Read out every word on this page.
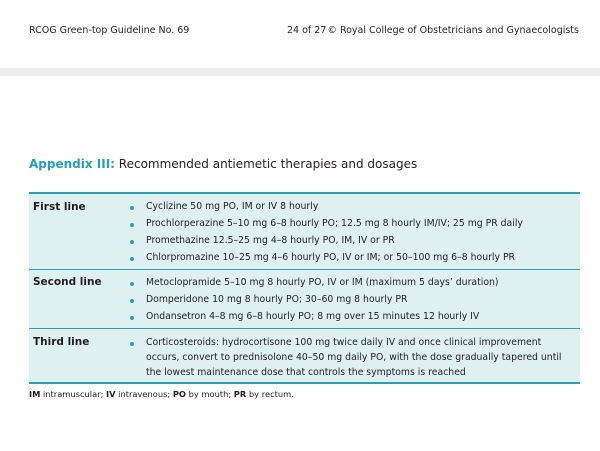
RCOG Green-top Guideline No. 69	24 of 27 © Royal College of Obstetricians and Gynaecologists
Appendix III: Recommended antiemetic therapies and dosages
First line	Cyclizine 50 mg PO, IM or IV 8 hourly
Prochlorperazine 5–10 mg 6–8 hourly PO; 12.5 mg 8 hourly IM/IV; 25 mg PR daily
Promethazine 12.5–25 mg 4–8 hourly PO, IM, IV or PR
Chlorpromazine 10–25 mg 4–6 hourly PO, IV or IM; or 50–100 mg 6–8 hourly PR
Second line	Metoclopramide 5–10 mg 8 hourly PO, IV or IM (maximum 5 days’ duration)
Domperidone 10 mg 8 hourly PO; 30–60 mg 8 hourly PR
Ondansetron 4–8 mg 6–8 hourly PO; 8 mg over 15 minutes 12 hourly IV
Third line	Corticosteroids: hydrocortisone 100 mg twice daily IV and once clinical improvement occurs, convert to prednisolone 40–50 mg daily PO, with the dose gradually tapered until the lowest maintenance dose that controls the symptoms is reached
IM intramuscular; IV intravenous; PO by mouth; PR by rectum.
